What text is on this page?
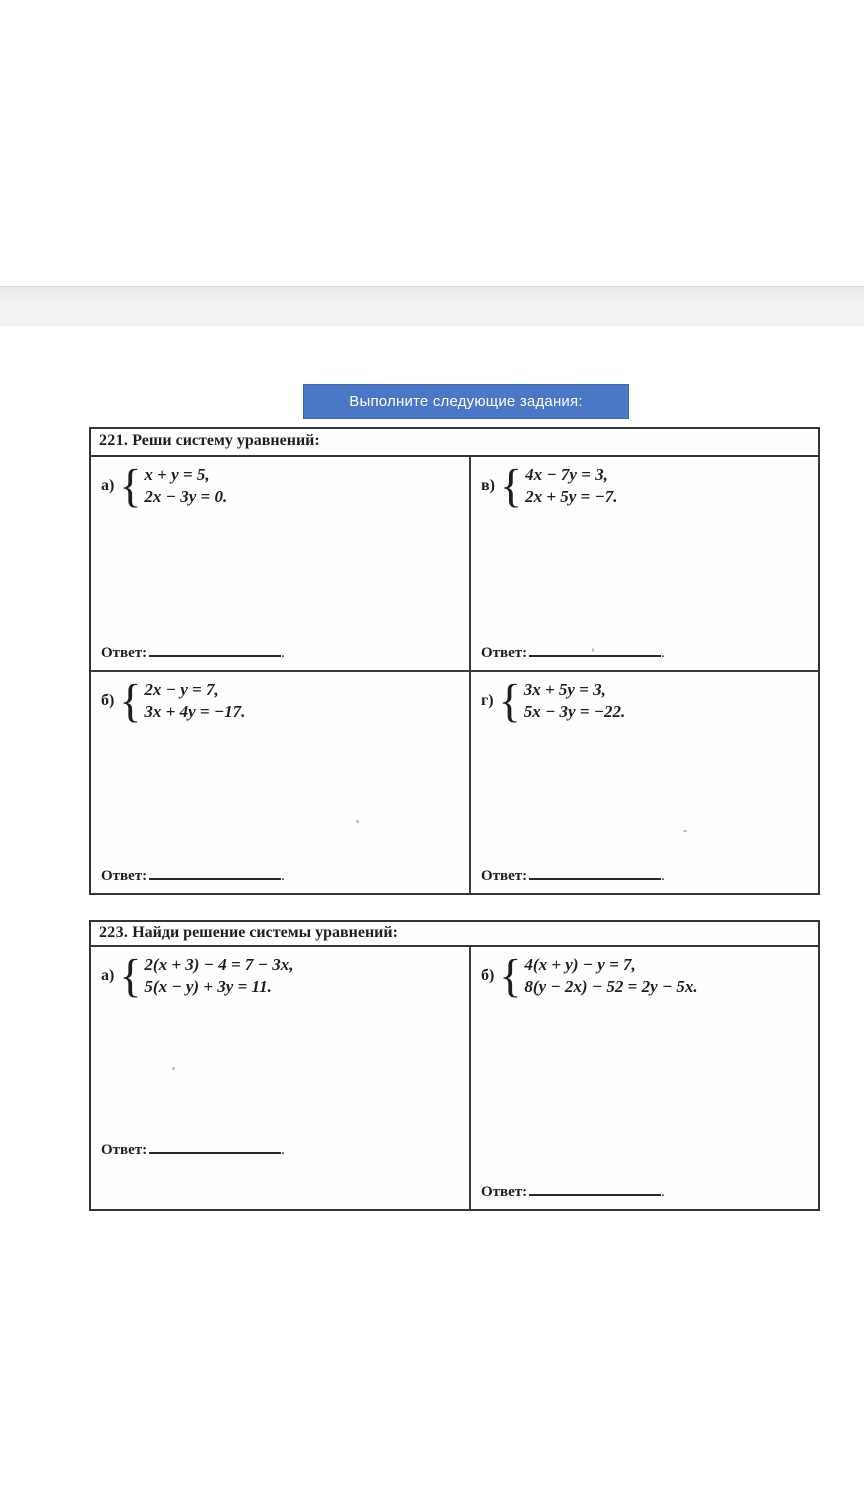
Выполните следующие задания:
221. Реши систему уравнений:
а) { x + y = 5,
2x − 3y = 0.
Ответ:	.
в) { 4x − 7y = 3,
2x + 5y = −7.
Ответ:	.
б) { 2x − y = 7,
3x + 4y = −17.
Ответ:	.
г) { 3x + 5y = 3,
5x − 3y = −22.
Ответ:	.
223. Найди решение системы уравнений:
а) { 2(x + 3) − 4 = 7 − 3x,
5(x − y) + 3y = 11.
Ответ:	.
б) { 4(x + y) − y = 7,
8(y − 2x) − 52 = 2y − 5x.
Ответ:	.
